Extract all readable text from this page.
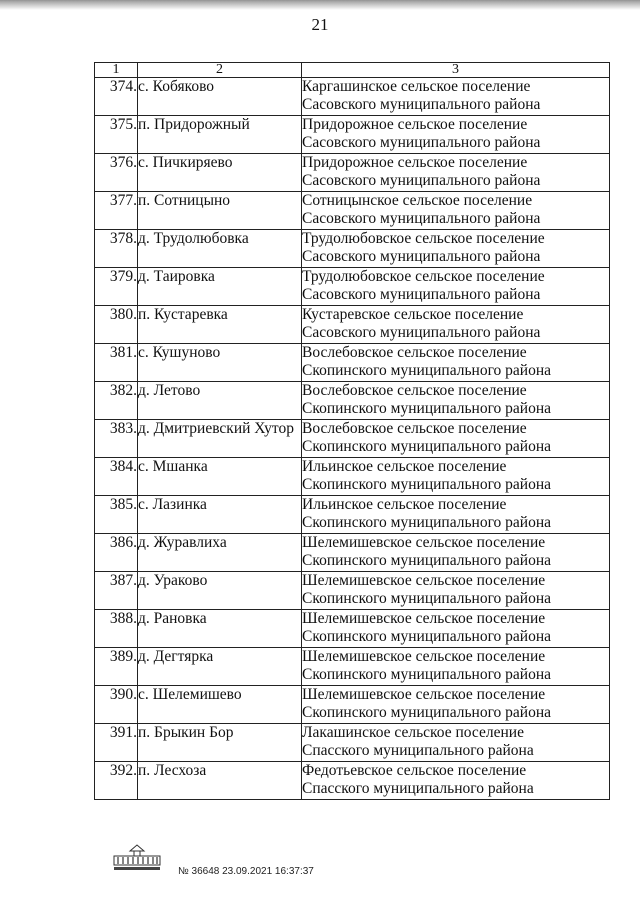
21
1	2	3
374.	с. Кобяково	Каргашинское сельское поселение
Сасовского муниципального района

375.	п. Придорожный	Придорожное сельское поселение
Сасовского муниципального района

376.	с. Пичкиряево	Придорожное сельское поселение
Сасовского муниципального района

377.	п. Сотницыно	Сотницынское сельское поселение
Сасовского муниципального района

378.	д. Трудолюбовка	Трудолюбовское сельское поселение
Сасовского муниципального района

379.	д. Таировка	Трудолюбовское сельское поселение
Сасовского муниципального района

380.	п. Кустаревка	Кустаревское сельское поселение
Сасовского муниципального района

381.	с. Кушуново	Вослебовское сельское поселение
Скопинского муниципального района

382.	д. Летово	Вослебовское сельское поселение
Скопинского муниципального района

383.	д. Дмитриевский Хутор	Вослебовское сельское поселение
Скопинского муниципального района

384.	с. Мшанка	Ильинское сельское поселение
Скопинского муниципального района

385.	с. Лазинка	Ильинское сельское поселение
Скопинского муниципального района

386.	д. Журавлиха	Шелемишевское сельское поселение
Скопинского муниципального района

387.	д. Ураково	Шелемишевское сельское поселение
Скопинского муниципального района

388.	д. Рановка	Шелемишевское сельское поселение
Скопинского муниципального района

389.	д. Дегтярка	Шелемишевское сельское поселение
Скопинского муниципального района

390.	с. Шелемишево	Шелемишевское сельское поселение
Скопинского муниципального района

391.	п. Брыкин Бор	Лакашинское сельское поселение
Спасского муниципального района

392.	п. Лесхоза	Федотьевское сельское поселение
Спасского муниципального района
№ 36648 23.09.2021 16:37:37
